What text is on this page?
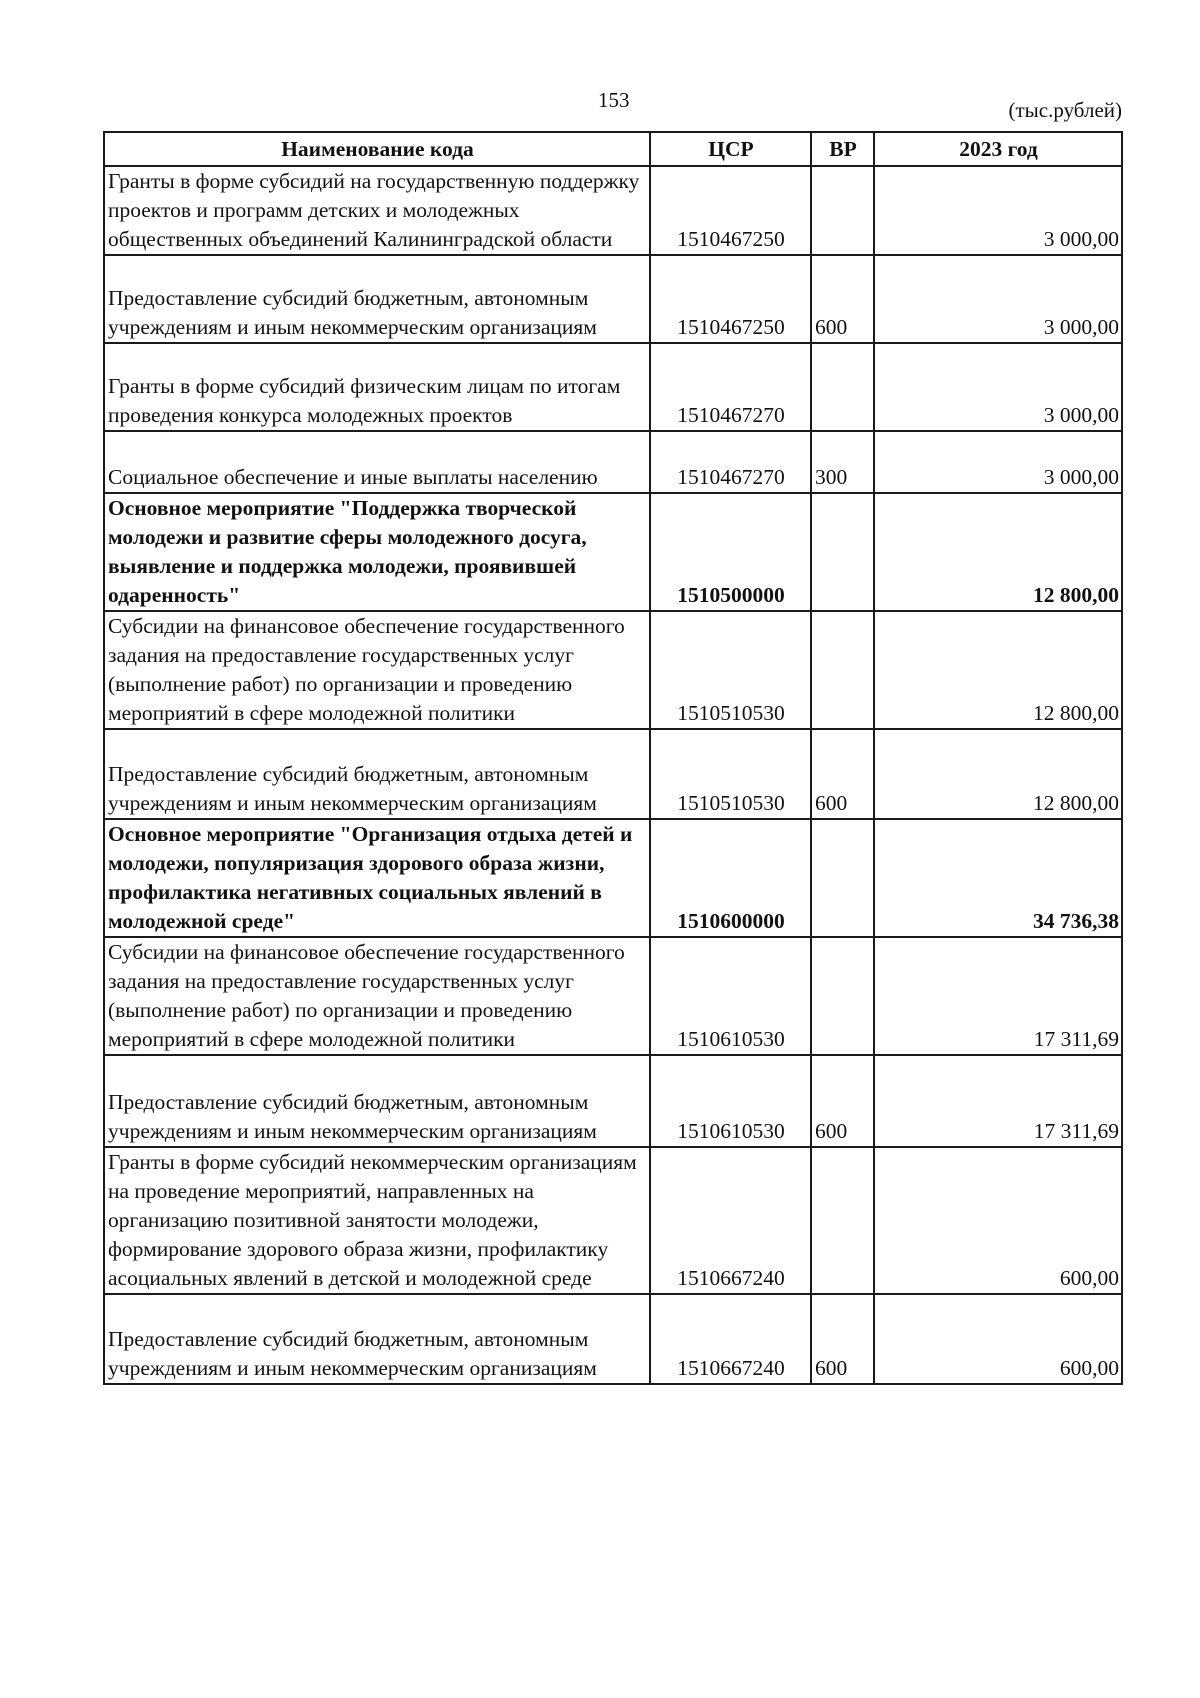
153	(тыс.рублей)
Наименование кода	ЦСР	ВР	2023 год
Гранты в форме субсидий на государственную поддержку проектов и программ детских и молодежных общественных объединений Калининградской области	1510467250		3 000,00
Предоставление субсидий бюджетным, автономным учреждениям и иным некоммерческим организациям	1510467250	600	3 000,00
Гранты в форме субсидий физическим лицам по итогам проведения конкурса молодежных проектов	1510467270		3 000,00
Социальное обеспечение и иные выплаты населению	1510467270	300	3 000,00
Основное мероприятие "Поддержка творческой молодежи и развитие сферы молодежного досуга, выявление и поддержка молодежи, проявившей одаренность"	1510500000		12 800,00
Субсидии на финансовое обеспечение государственного задания на предоставление государственных услуг (выполнение работ) по организации и проведению мероприятий в сфере молодежной политики	1510510530		12 800,00
Предоставление субсидий бюджетным, автономным учреждениям и иным некоммерческим организациям	1510510530	600	12 800,00
Основное мероприятие "Организация отдыха детей и молодежи, популяризация здорового образа жизни, профилактика негативных социальных явлений в молодежной среде"	1510600000		34 736,38
Субсидии на финансовое обеспечение государственного задания на предоставление государственных услуг (выполнение работ) по организации и проведению мероприятий в сфере молодежной политики	1510610530		17 311,69
Предоставление субсидий бюджетным, автономным учреждениям и иным некоммерческим организациям	1510610530	600	17 311,69
Гранты в форме субсидий некоммерческим организациям на проведение мероприятий, направленных на организацию позитивной занятости молодежи, формирование здорового образа жизни, профилактику асоциальных явлений в детской и молодежной среде	1510667240		600,00
Предоставление субсидий бюджетным, автономным учреждениям и иным некоммерческим организациям	1510667240	600	600,00
